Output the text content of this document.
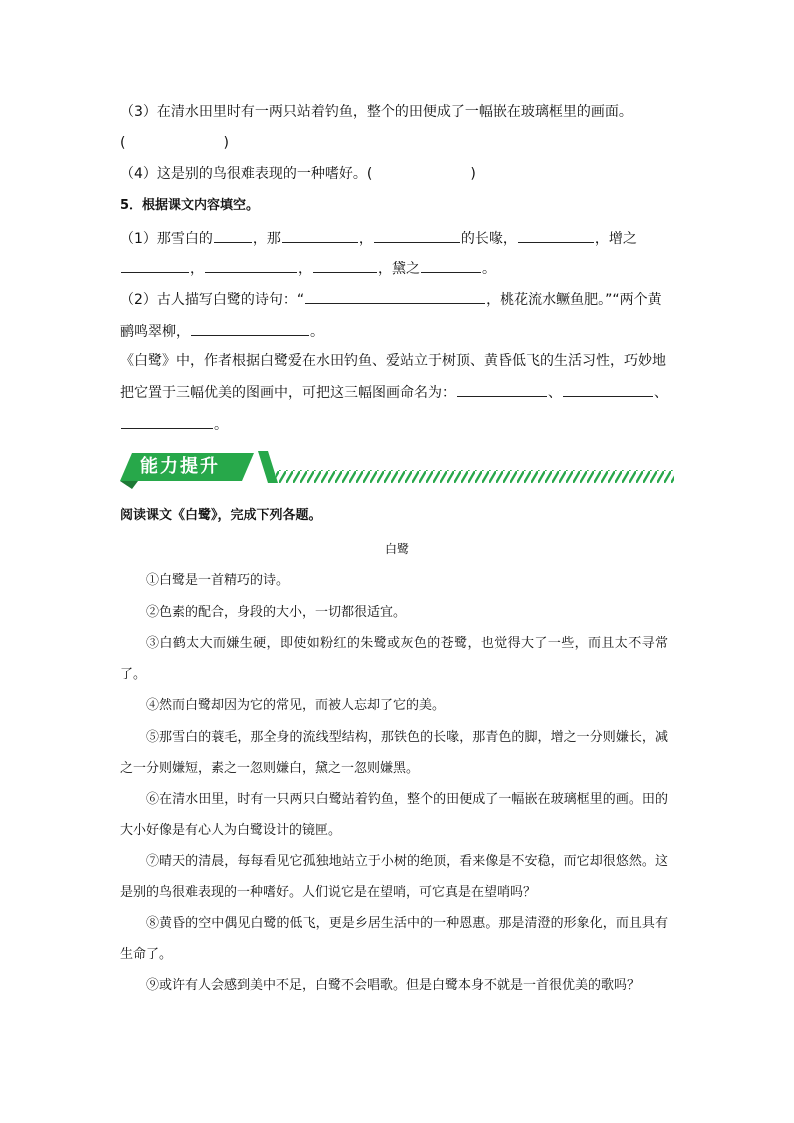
（3）在清水田里时有一两只站着钓鱼，整个的田便成了一幅嵌在玻璃框里的画面。
(	)
（4）这是别的鸟很难表现的一种嗜好。(	)
5．根据课文内容填空。
（1）那雪白的	，那	，	的长喙，	，增之
，	，	，黛之	。
（2）古人描写白鹭的诗句：“	，桃花流水鳜鱼肥。”“两个黄
鹂鸣翠柳，	。
《白鹭》中，作者根据白鹭爱在水田钓鱼、爱站立于树顶、黄昏低飞的生活习性，巧妙地
把它置于三幅优美的图画中，可把这三幅图画命名为：	、	、
。
能力提升
阅读课文《白鹭》，完成下列各题。
白鹭
①白鹭是一首精巧的诗。
②色素的配合，身段的大小，一切都很适宜。
③白鹤太大而嫌生硬，即使如粉红的朱鹭或灰色的苍鹭，也觉得大了一些，而且太不寻常了。
④然而白鹭却因为它的常见，而被人忘却了它的美。
⑤那雪白的蓑毛，那全身的流线型结构，那铁色的长喙，那青色的脚，增之一分则嫌长，减之一分则嫌短，素之一忽则嫌白，黛之一忽则嫌黑。
⑥在清水田里，时有一只两只白鹭站着钓鱼，整个的田便成了一幅嵌在玻璃框里的画。田的大小好像是有心人为白鹭设计的镜匣。
⑦晴天的清晨，每每看见它孤独地站立于小树的绝顶，看来像是不安稳，而它却很悠然。这是别的鸟很难表现的一种嗜好。人们说它是在望哨，可它真是在望哨吗？
⑧黄昏的空中偶见白鹭的低飞，更是乡居生活中的一种恩惠。那是清澄的形象化，而且具有生命了。
⑨或许有人会感到美中不足，白鹭不会唱歌。但是白鹭本身不就是一首很优美的歌吗？
